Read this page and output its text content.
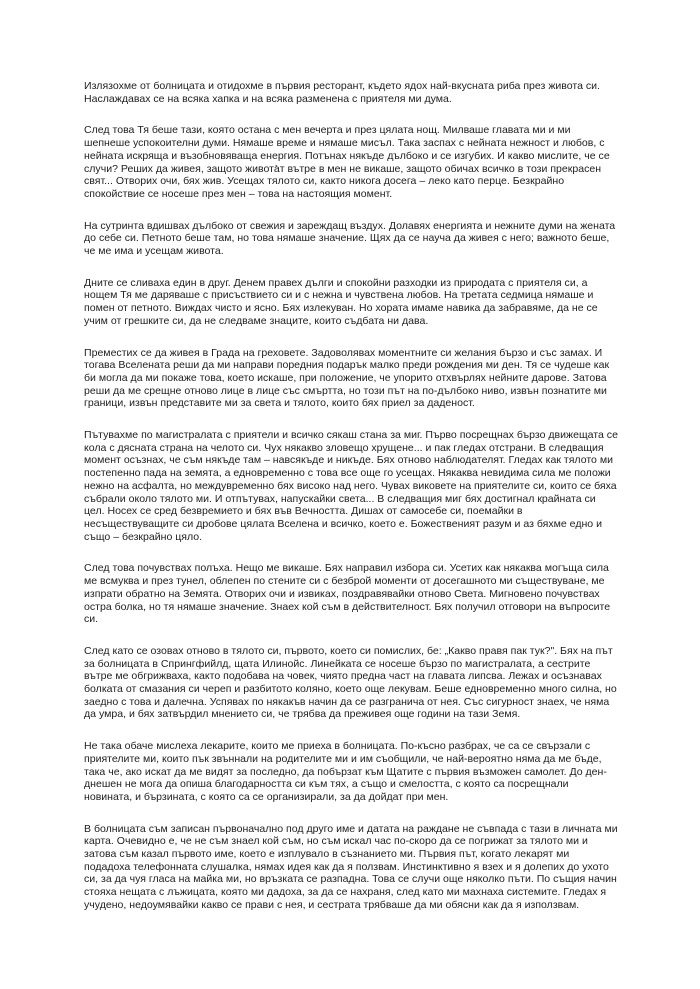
Излязохме от болницата и отидохме в първия ресторант, където ядох най-вкусната риба през живота си. Наслаждавах се на всяка хапка и на всяка разменена с приятеля ми дума.

След това Тя беше тази, която остана с мен вечерта и през цялата нощ. Милваше главата ми и ми шепнеше успокоителни думи. Нямаше време и нямаше мисъл. Така заспах с нейната нежност и любов, с нейната искряща и възобновяваща енергия. Потънах някъде дълбоко и се изгубих. И какво мислите, че се случи? Реших да живея, защото живота̀т вътре в мен не викаше, защото обичах всичко в този прекрасен свят... Отворих очи, бях жив. Усещах тялото си, както никога досега – леко като перце. Безкрайно спокойствие се носеше през мен – това на настоящия момент.

На сутринта вдишвах дълбоко от свежия и зареждащ въздух. Долавях енергията и нежните думи на жената до себе си. Петното беше там, но това нямаше значение. Щях да се науча да живея с него; важното беше, че ме има и усещам живота.

Дните се сливаха един в друг. Денем правех дълги и спокойни разходки из природата с приятеля си, а нощем Тя ме даряваше с присъствието си и с нежна и чувствена любов. На третата седмица нямаше и помен от петното. Виждах чисто и ясно. Бях излекуван. Но хората имаме навика да забравяме, да не се учим от грешките си, да не следваме знаците, които съдбата ни дава.

Преместих се да живея в Града на греховете. Задоволявах моментните си желания бързо и със замах. И тогава Вселената реши да ми направи поредния подарък малко преди рождения ми ден. Тя се чудеше как би могла да ми покаже това, което искаше, при положение, че упорито отхвърлях нейните дарове. Затова реши да ме срещне отново лице в лице със смъртта, но този път на по-дълбоко ниво, извън познатите ми граници, извън представите ми за света и тялото, които бях приел за даденост.

Пътувахме по магистралата с приятели и всичко сякаш стана за миг. Първо посрещнах бързо движещата се кола с дясната страна на челото си. Чух някакво зловещо хрущене... и пак гледах отстрани. В следващия момент осъзнах, че съм някъде там – навсякъде и никъде. Бях отново наблюдателят. Гледах как тялото ми постепенно пада на земята, а едновременно с това все още го усещах. Някаква невидима сила ме положи нежно на асфалта, но междувременно бях високо над него. Чувах виковете на приятелите си, които се бяха събрали около тялото ми. И отпътувах, напускайки света... В следващия миг бях достигнал крайната си цел. Носех се сред безвремието и бях във Вечността. Дишах от самосебе си, поемайки в несъществуващите си дробове цялата Вселена и всичко, което е. Божественият разум и аз бяхме едно и също – безкрайно цяло.

След това почувствах полъха. Нещо ме викаше. Бях направил избора си. Усетих как някаква могъща сила ме всмуква и през тунел, облепен по стените си с безброй моменти от досегашното ми съществуване, ме изпрати обратно на Земята. Отворих очи и извиках, поздравявайки отново Света. Мигновено почувствах остра болка, но тя нямаше значение. Знаех кой съм в действителност. Бях получил отговори на въпросите си.

След като се озовах отново в тялото си, първото, което си помислих, бе: „Какво правя пак тук?". Бях на път за болницата в Спрингфийлд, щата Илинойс. Линейката се носеше бързо по магистралата, а сестрите вътре ме обгрижваха, както подобава на човек, чиято предна част на главата липсва. Лежах и осъзнавах болката от смазания си череп и разбитото коляно, което още лекувам. Беше едновременно много силна, но заедно с това и далечна. Успявах по някакъв начин да се разгранича от нея. Със сигурност знаех, че няма да умра, и бях затвърдил мнението си, че трябва да преживея още години на тази Земя.

Не така обаче мислеха лекарите, които ме приеха в болницата. По-късно разбрах, че са се свързали с приятелите ми, които пък звъннали на родителите ми и им съобщили, че най-вероятно няма да ме бъде, така че, ако искат да ме видят за последно, да побързат към Щатите с първия възможен самолет. До ден-днешен не мога да опиша благодарността си към тях, а също и смелостта, с която са посрещнали новината, и бързината, с която са се организирали, за да дойдат при мен.

В болницата съм записан първоначално под друго име и датата на раждане не съвпада с тази в личната ми карта. Очевидно е, че не съм знаел кой съм, но съм искал час по-скоро да се погрижат за тялото ми и затова съм казал първото име, което е изплувало в съзнанието ми. Първия път, когато лекарят ми подадоха телефонната слушалка, нямах идея как да я ползвам. Инстинктивно я взех и я долепих до ухото си, за да чуя гласа на майка ми, но връзката се разпадна. Това се случи още няколко пъти. По същия начин стояха нещата с лъжицата, която ми дадоха, за да се нахраня, след като ми махнаха системите. Гледах я учудено, недоумявайки какво се прави с нея, и сестрата трябваше да ми обясни как да я използвам.
